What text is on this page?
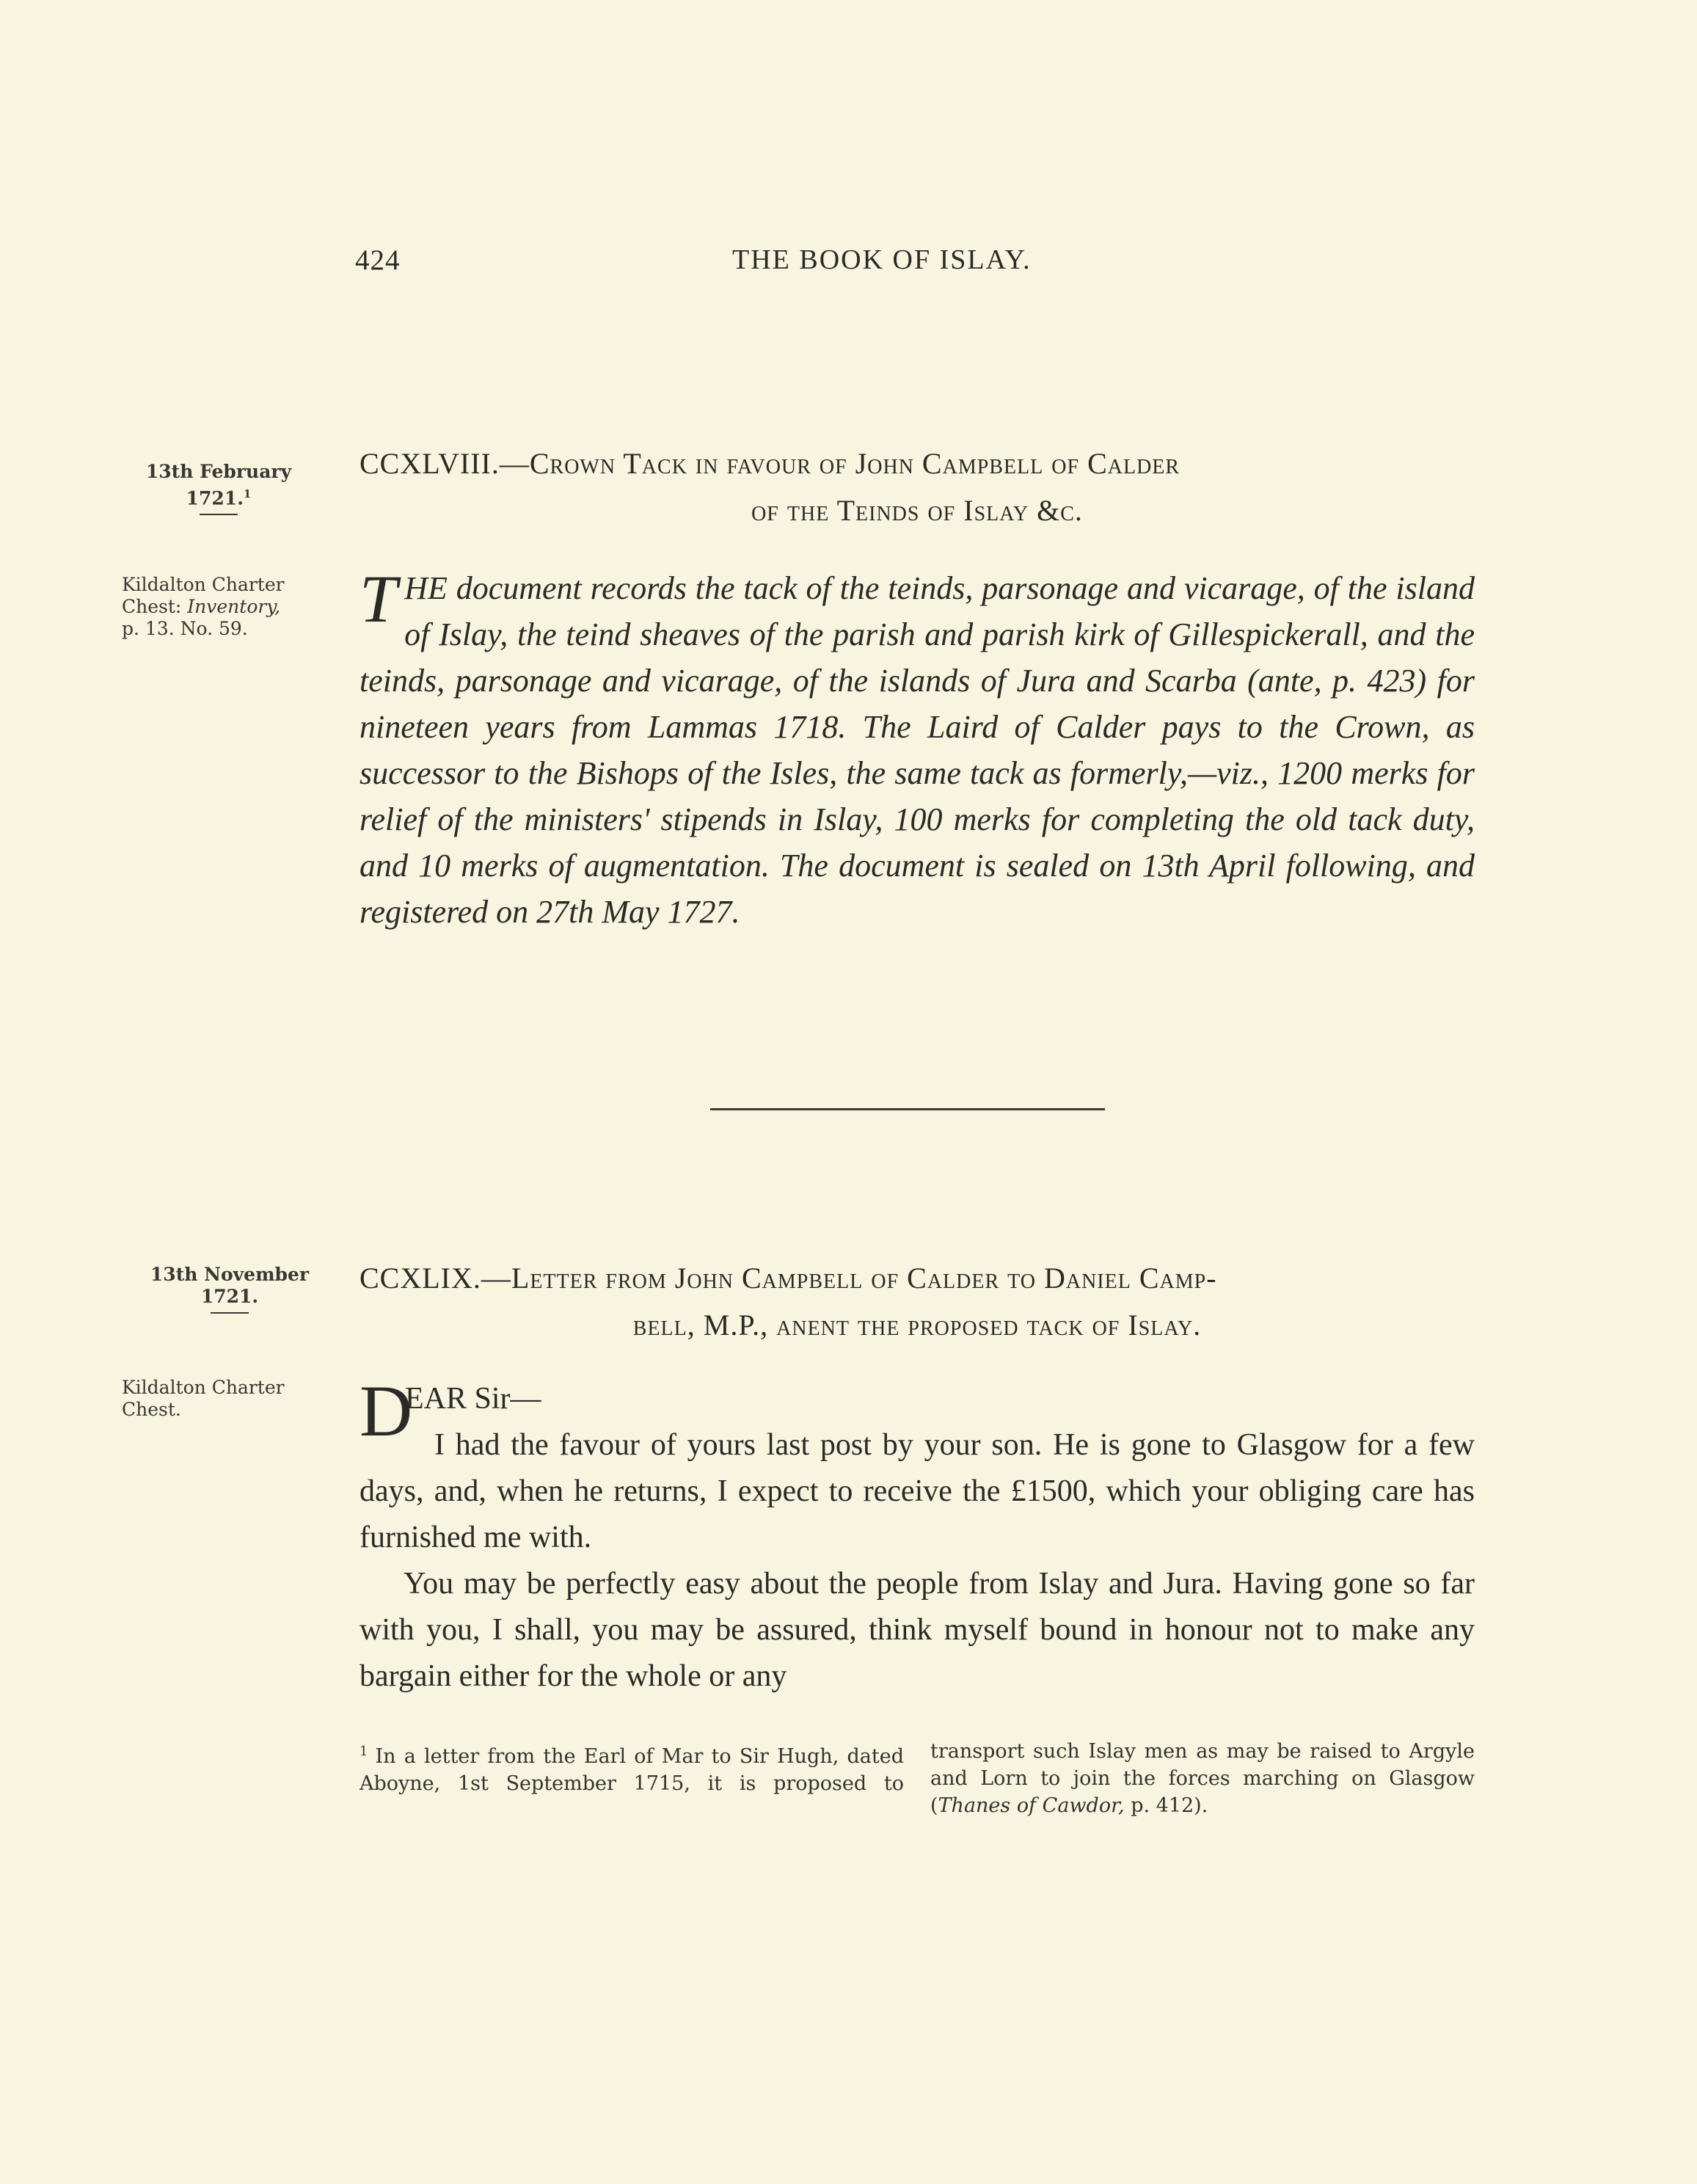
424	THE BOOK OF ISLAY.
13th February
1721.$^1$
Kildalton Charter
Chest: Inventory,
p. 13. No. 59.
CCXLVIII.—Crown Tack in favour of John Campbell of Calder
of the Teinds of Islay &c.
THE document records the tack of the teinds, parsonage and vicarage, of the island of Islay, the teind sheaves of the parish and parish kirk of Gillespickerall, and the teinds, parsonage and vicarage, of the islands of Jura and Scarba (ante, p. 423) for nineteen years from Lammas 1718. The Laird of Calder pays to the Crown, as successor to the Bishops of the Isles, the same tack as formerly,—viz., 1200 merks for relief of the ministers' stipends in Islay, 100 merks for completing the old tack duty, and 10 merks of augmentation. The document is sealed on 13th April following, and registered on 27th May 1727.
13th November
1721.
Kildalton Charter
Chest.
CCXLIX.—Letter from John Campbell of Calder to Daniel Camp-
bell, M.P., anent the proposed tack of Islay.
D
EAR Sir—

I had the favour of yours last post by your son. He is gone to Glasgow for a few days, and, when he returns, I expect to receive the £1500, which your obliging care has furnished me with.

You may be perfectly easy about the people from Islay and Jura. Having gone so far with you, I shall, you may be assured, think myself bound in honour not to make any bargain either for the whole or any

$^1$ In a letter from the Earl of Mar to Sir Hugh, dated Aboyne, 1st September 1715, it is proposed to transport such Islay men as may be raised to Argyle and Lorn to join the forces marching on Glasgow (Thanes of Cawdor, p. 412).
